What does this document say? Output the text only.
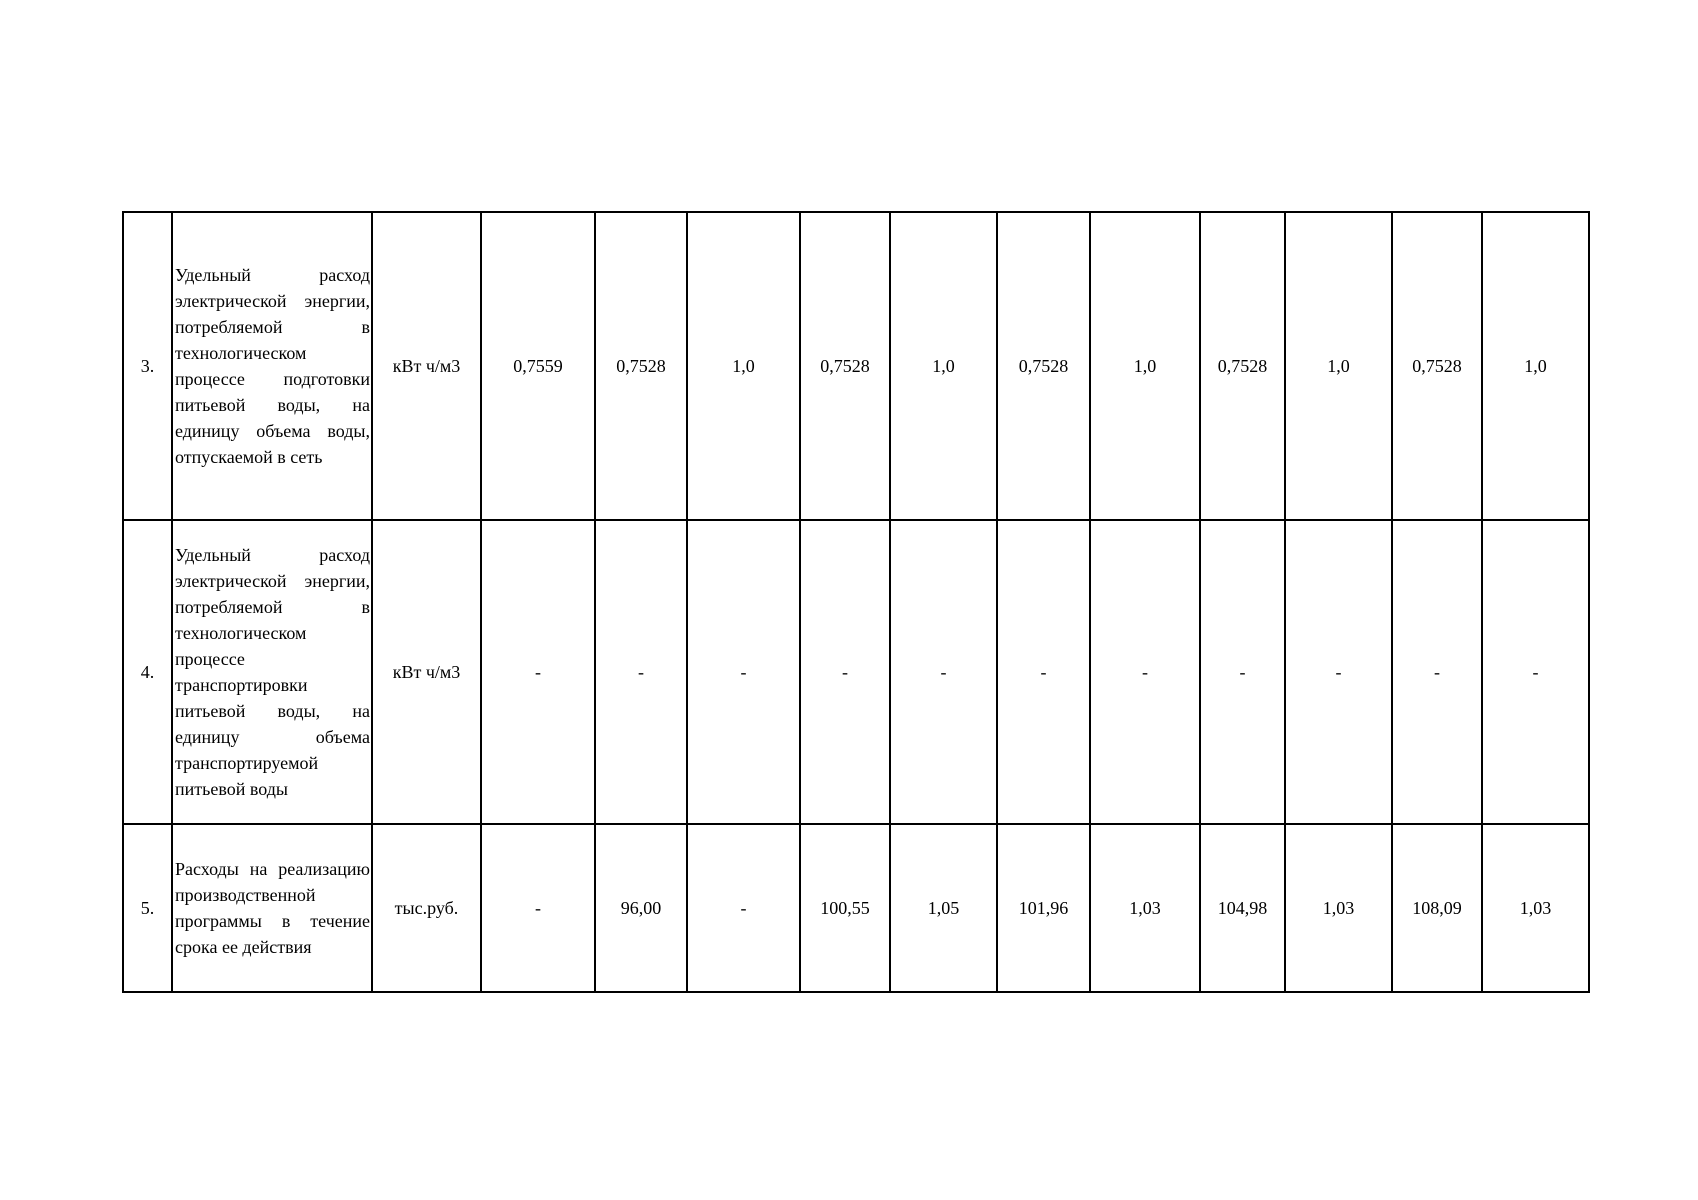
3.	Удельный расход электрической энергии, потребляемой в технологическом процессе подготовки питьевой воды, на единицу объема воды, отпускаемой в сеть	кВт ч/м3	0,7559	0,7528	1,0	0,7528	1,0	0,7528	1,0	0,7528	1,0	0,7528	1,0
4.	Удельный расход электрической энергии, потребляемой в технологическом процессе транспортировки питьевой воды, на единицу объема транспортируемой питьевой воды	кВт ч/м3	-	-	-	-	-	-	-	-	-	-	-
5.	Расходы на реализацию производственной программы в течение срока ее действия	тыс.руб.	-	96,00	-	100,55	1,05	101,96	1,03	104,98	1,03	108,09	1,03
